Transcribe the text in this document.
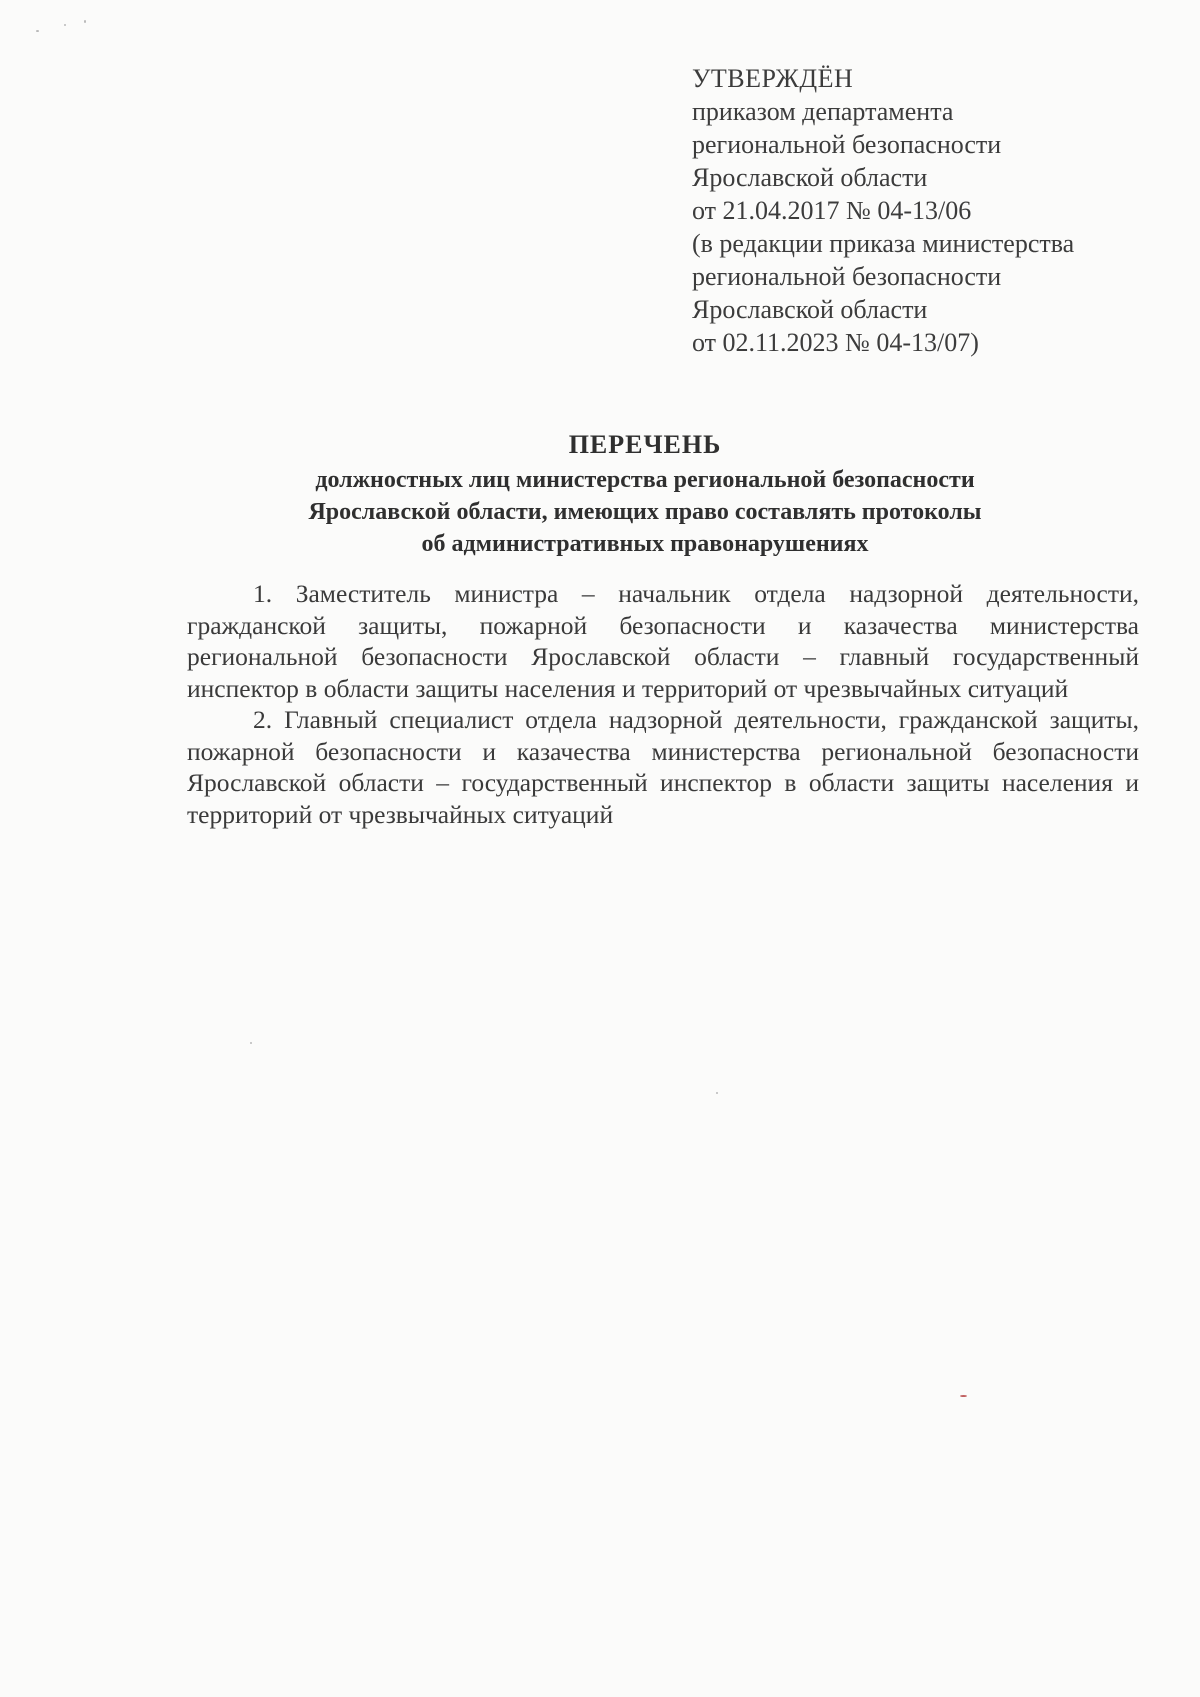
УТВЕРЖДЁН
приказом департамента
региональной безопасности
Ярославской области
от 21.04.2017 № 04-13/06
(в редакции приказа министерства
региональной безопасности
Ярославской области
от 02.11.2023 № 04-13/07)
ПЕРЕЧЕНЬ
должностных лиц министерства региональной безопасности
Ярославской области, имеющих право составлять протоколы
об административных правонарушениях

1. Заместитель министра – начальник отдела надзорной деятельности, гражданской защиты, пожарной безопасности и казачества министерства региональной безопасности Ярославской области – главный государственный инспектор в области защиты населения и территорий от чрезвычайных ситуаций

2. Главный специалист отдела надзорной деятельности, гражданской защиты, пожарной безопасности и казачества министерства региональной безопасности Ярославской области – государственный инспектор в области защиты населения и территорий от чрезвычайных ситуаций
